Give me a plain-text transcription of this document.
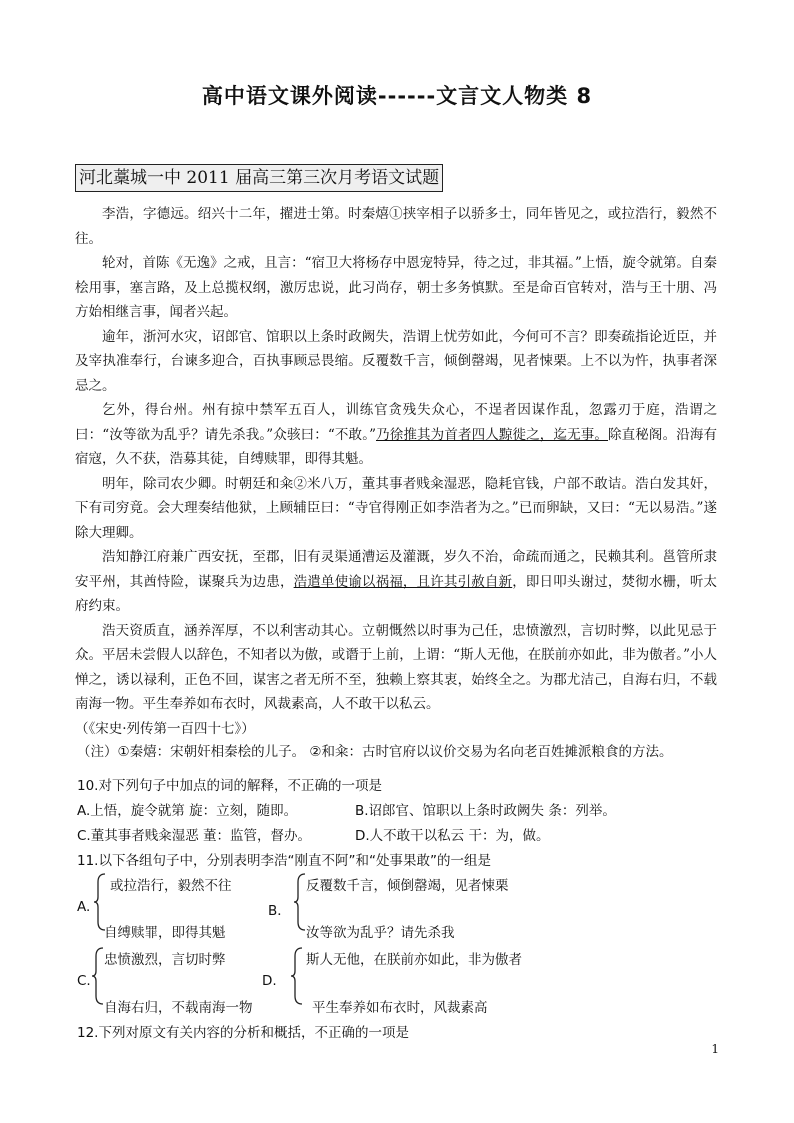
高中语文课外阅读------文言文人物类 8
河北藁城一中 2011 届高三第三次月考语文试题

李浩，字德远。绍兴十二年，擢进士第。时秦熺①挟宰相子以骄多士，同年皆见之，或拉浩行，毅然不往。

轮对，首陈《无逸》之戒，且言：“宿卫大将杨存中恩宠特异，待之过，非其福。”上悟，旋令就第。自秦桧用事，塞言路，及上总揽权纲，激厉忠说，此习尚存，朝士多务慎默。至是命百官转对，浩与王十朋、冯方始相继言事，闻者兴起。

逾年，浙河水灾，诏郎官、馆职以上条时政阙失，浩谓上忧劳如此，今何可不言？即奏疏指论近臣，并及宰执准奉行，台谏多迎合，百执事顾忌畏缩。反覆数千言，倾倒罄竭，见者悚栗。上不以为忤，执事者深忌之。

乞外，得台州。州有掠中禁军五百人，训练官贪残失众心，不逞者因谋作乱，忽露刃于庭，浩谓之曰：“汝等欲为乱乎？请先杀我。”众骇曰：“不敢。”乃徐推其为首者四人黥徙之，迄无事。除直秘阁。沿海有宿寇，久不获，浩募其徒，自缚赎罪，即得其魁。

明年，除司农少卿。时朝廷和籴②米八万，董其事者贱籴湿恶，隐耗官钱，户部不敢诘。浩白发其奸，下有司穷竟。会大理奏结他狱，上顾辅臣曰：“寺官得刚正如李浩者为之。”已而卵缺，又曰：“无以易浩。”遂除大理卿。

浩知静江府兼广西安抚，至郡，旧有灵渠通漕运及灌溉，岁久不治，命疏而通之，民赖其利。邕管所隶安平州，其酋恃险，谋聚兵为边患，浩遣单使谕以祸福，且许其引赦自新，即日叩头谢过，焚彻水栅，听太府约束。

浩天资质直，涵养浑厚，不以利害动其心。立朝慨然以时事为己任，忠愤激烈，言切时弊，以此见忌于众。平居未尝假人以辞色，不知者以为傲，或谮于上前，上谓：“斯人无他，在朕前亦如此，非为傲者。”小人惮之，诱以禄利，正色不回，谋害之者无所不至，独赖上察其衷，始终全之。为郡尤洁己，自海右归，不载南海一物。平生奉养如布衣时，风裁素高，人不敢干以私云。

（《宋史·列传第一百四十七》）

（注）①秦熺：宋朝奸相秦桧的儿子。 ②和籴：古时官府以议价交易为名向老百姓摊派粮食的方法。
10.对下列句子中加点的词的解释，不正确的一项是
A.上悟，旋令就第 旋：立刻，随即。	B.诏郎官、馆职以上条时政阙失 条：列举。
C.董其事者贱籴湿恶 董：监管，督办。	D.人不敢干以私云 干：为，做。
11.以下各组句子中，分别表明李浩“刚直不阿”和“处事果敢”的一组是
A.
或拉浩行，毅然不往
自缚赎罪，即得其魁
B．
反覆数千言，倾倒罄竭，见者悚栗
汝等欲为乱乎？请先杀我
C.
忠愤激烈，言切时弊
自海右归，不载南海一物
D.
斯人无他，在朕前亦如此，非为傲者
平生奉养如布衣时，风裁素高
12.下列对原文有关内容的分析和概括，不正确的一项是
1
